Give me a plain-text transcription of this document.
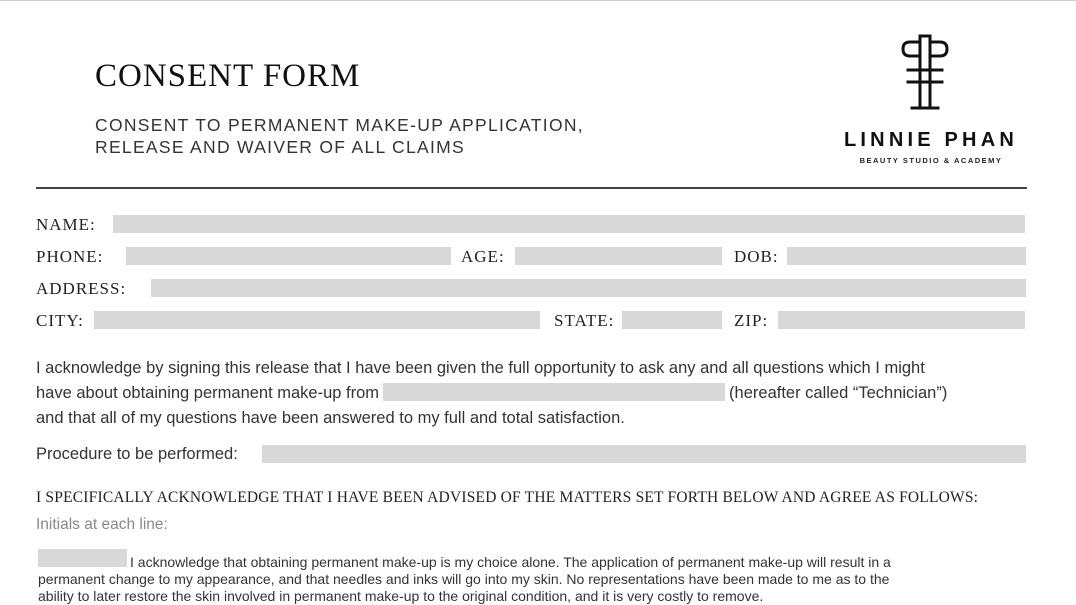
CONSENT FORM
CONSENT TO PERMANENT MAKE-UP APPLICATION,
RELEASE AND WAIVER OF ALL CLAIMS	LINNIE PHAN
BEAUTY STUDIO & ACADEMY
NAME:
PHONE:	AGE:	DOB:
ADDRESS:
CITY:	STATE:	ZIP:
I acknowledge by signing this release that I have been given the full opportunity to ask any and all questions which I might
have about obtaining permanent make-up from	(hereafter called “Technician”)
and that all of my questions have been answered to my full and total satisfaction.
Procedure to be performed:
I SPECIFICALLY ACKNOWLEDGE THAT I HAVE BEEN ADVISED OF THE MATTERS SET FORTH BELOW AND AGREE AS FOLLOWS:
Initials at each line:
I acknowledge that obtaining permanent make-up is my choice alone. The application of permanent make-up will result in a
permanent change to my appearance, and that needles and inks will go into my skin. No representations have been made to me as to the
ability to later restore the skin involved in permanent make-up to the original condition, and it is very costly to remove.
